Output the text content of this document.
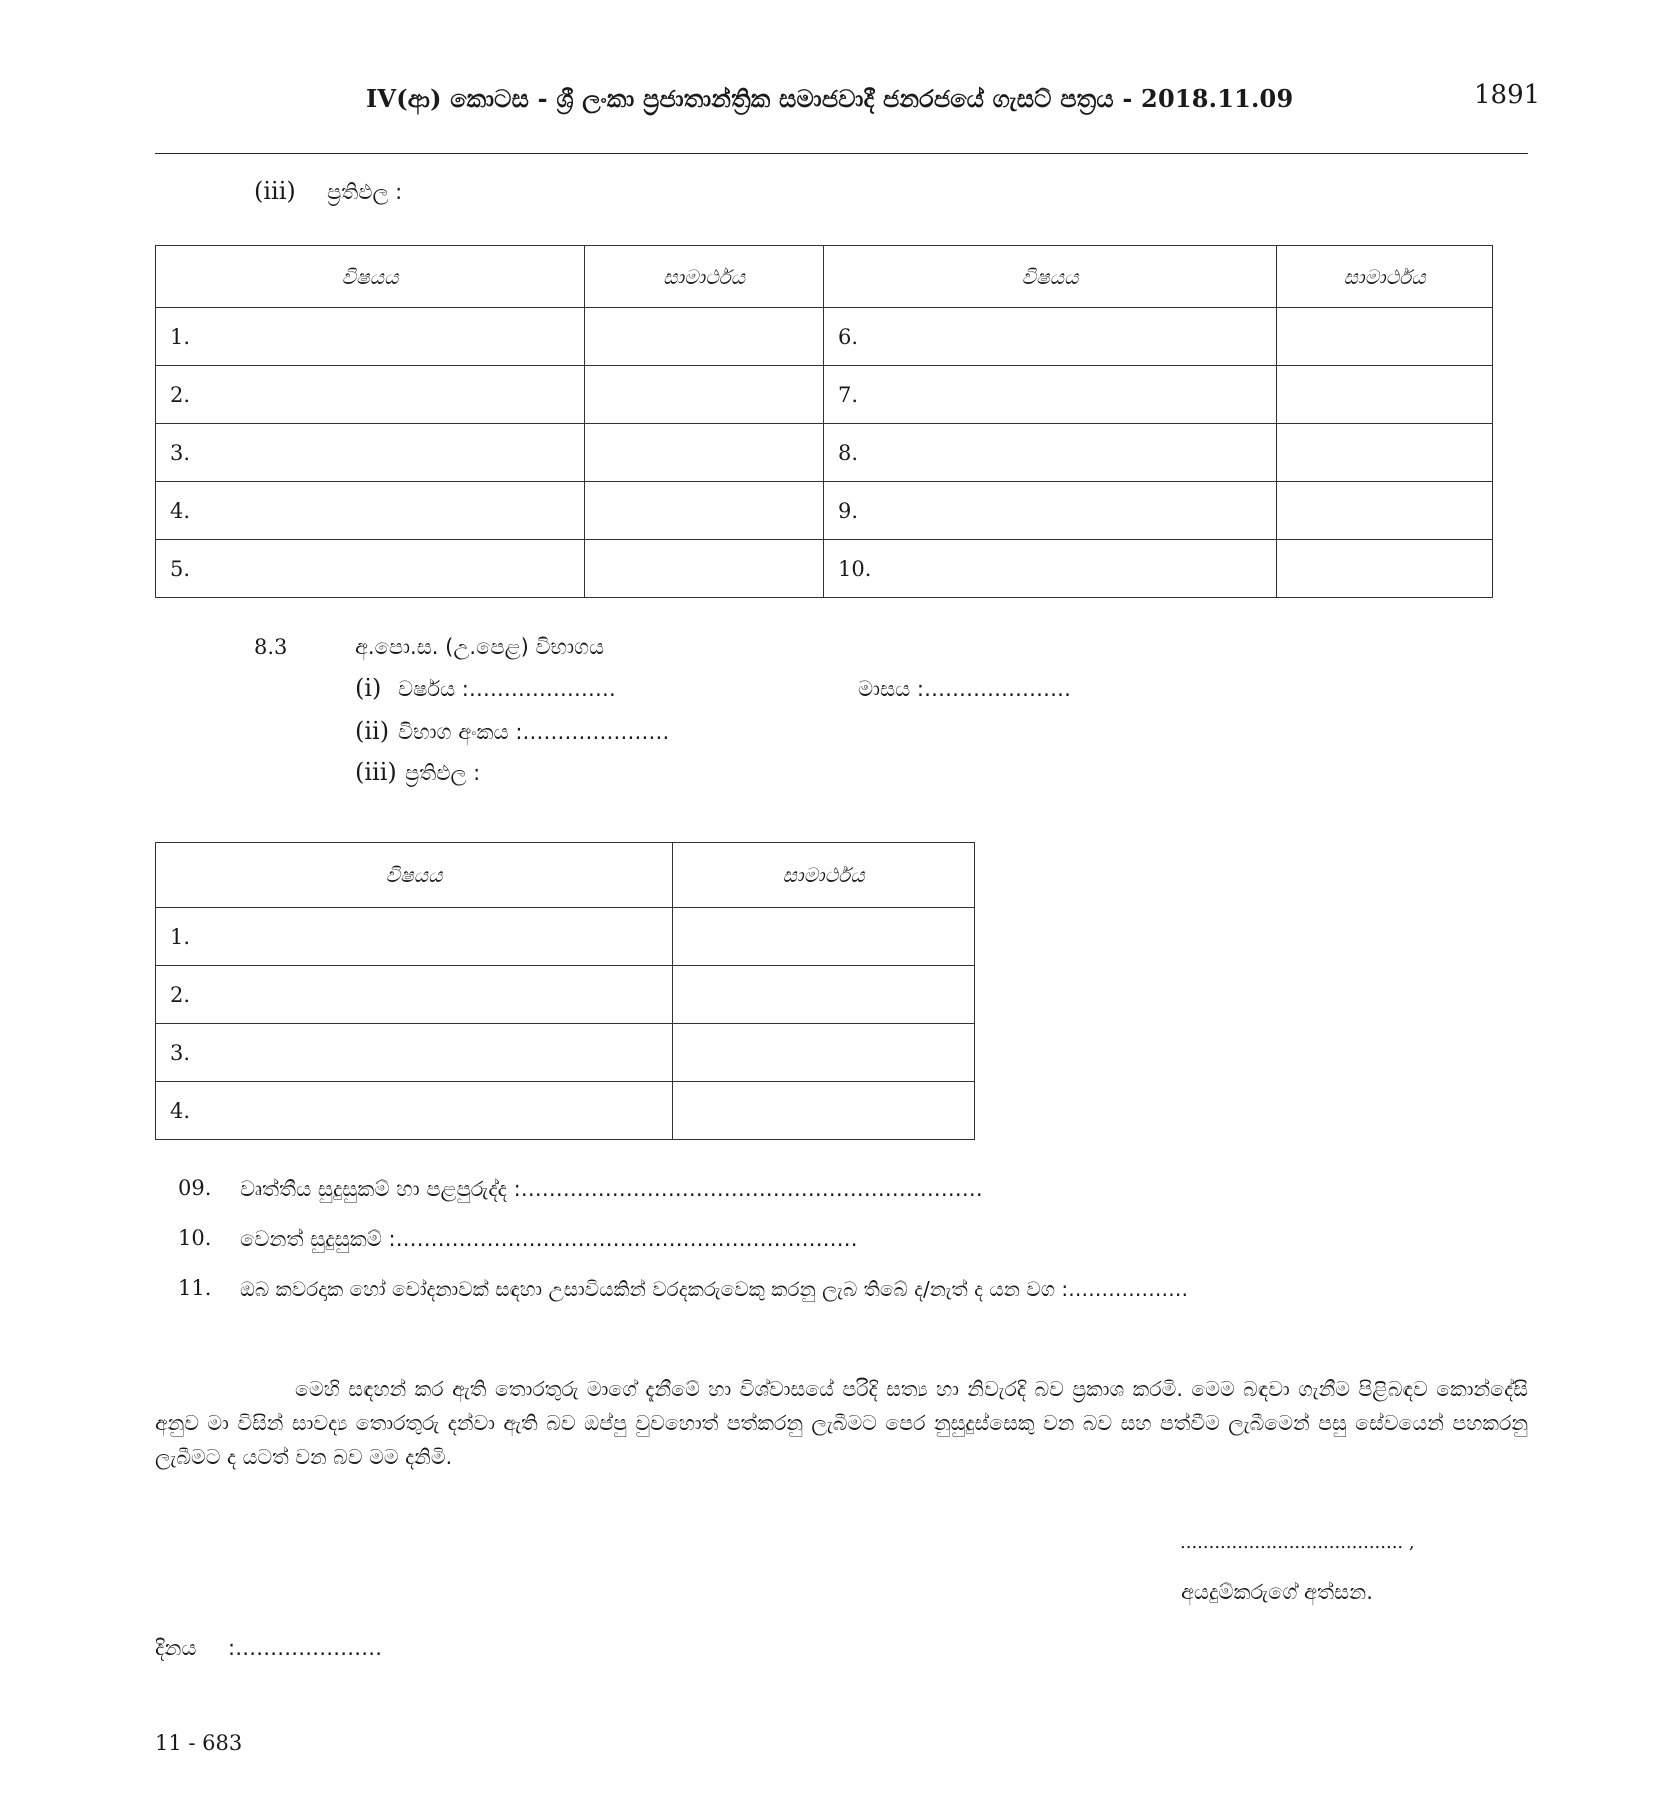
IV(ආ) කොටස - ශ්‍රී ලංකා ප්‍රජාතාන්ත්‍රික සමාජවාදී ජනරජයේ ගැසට් පත්‍රය - 2018.11.09	1891
(iii) ප්‍රතිඵල :
විෂයය	සාමාර්ථය	විෂයය	සාමාර්ථය
1.		6.	
2.		7.	
3.		8.	
4.		9.	
5.		10.	
8.3	අ.පො.ස. (උ.පෙළ) විභාගය
(i) වර්ෂය :…………………	මාසය :…………………
(ii) විභාග අංකය :…………………
(iii) ප්‍රතිඵල :
විෂයය	සාමාර්ථය
1.	
2.	
3.	
4.	
09. වෘත්තීය සුදුසුකම් හා පළපුරුද්ද :…………………………………………………………
10. වෙනත් සුදුසුකම් :…………………………………………………………
11. ඔබ කවරදාක හෝ චෝදනාවක් සඳහා උසාවියකින් වරදකරුවෙකු කරනු ලැබ තිබේ ද/නැත් ද යන වග :………………
මෙහි සඳහන් කර ඇති තොරතුරු මාගේ දැනීමේ හා විශ්වාසයේ පරිදි සත්‍ය හා නිවැරදි බව ප්‍රකාශ කරමි. මෙම බඳවා ගැනීම පිළිබඳව කොන්දේසි අනුව මා විසින් සාවද්‍ය තොරතුරු දන්වා ඇති බව ඔප්පු වුවහොත් පත්කරනු ලැබීමට පෙර නුසුදුස්සෙකු වන බව සහ පත්වීම ලැබීමෙන් පසු සේවයෙන් පහකරනු ලැබීමට ද යටත් වන බව මම දනිමි.
....................................... ,
අයදුම්කරුගේ අත්සන.
දිනය :…………………
11 - 683
